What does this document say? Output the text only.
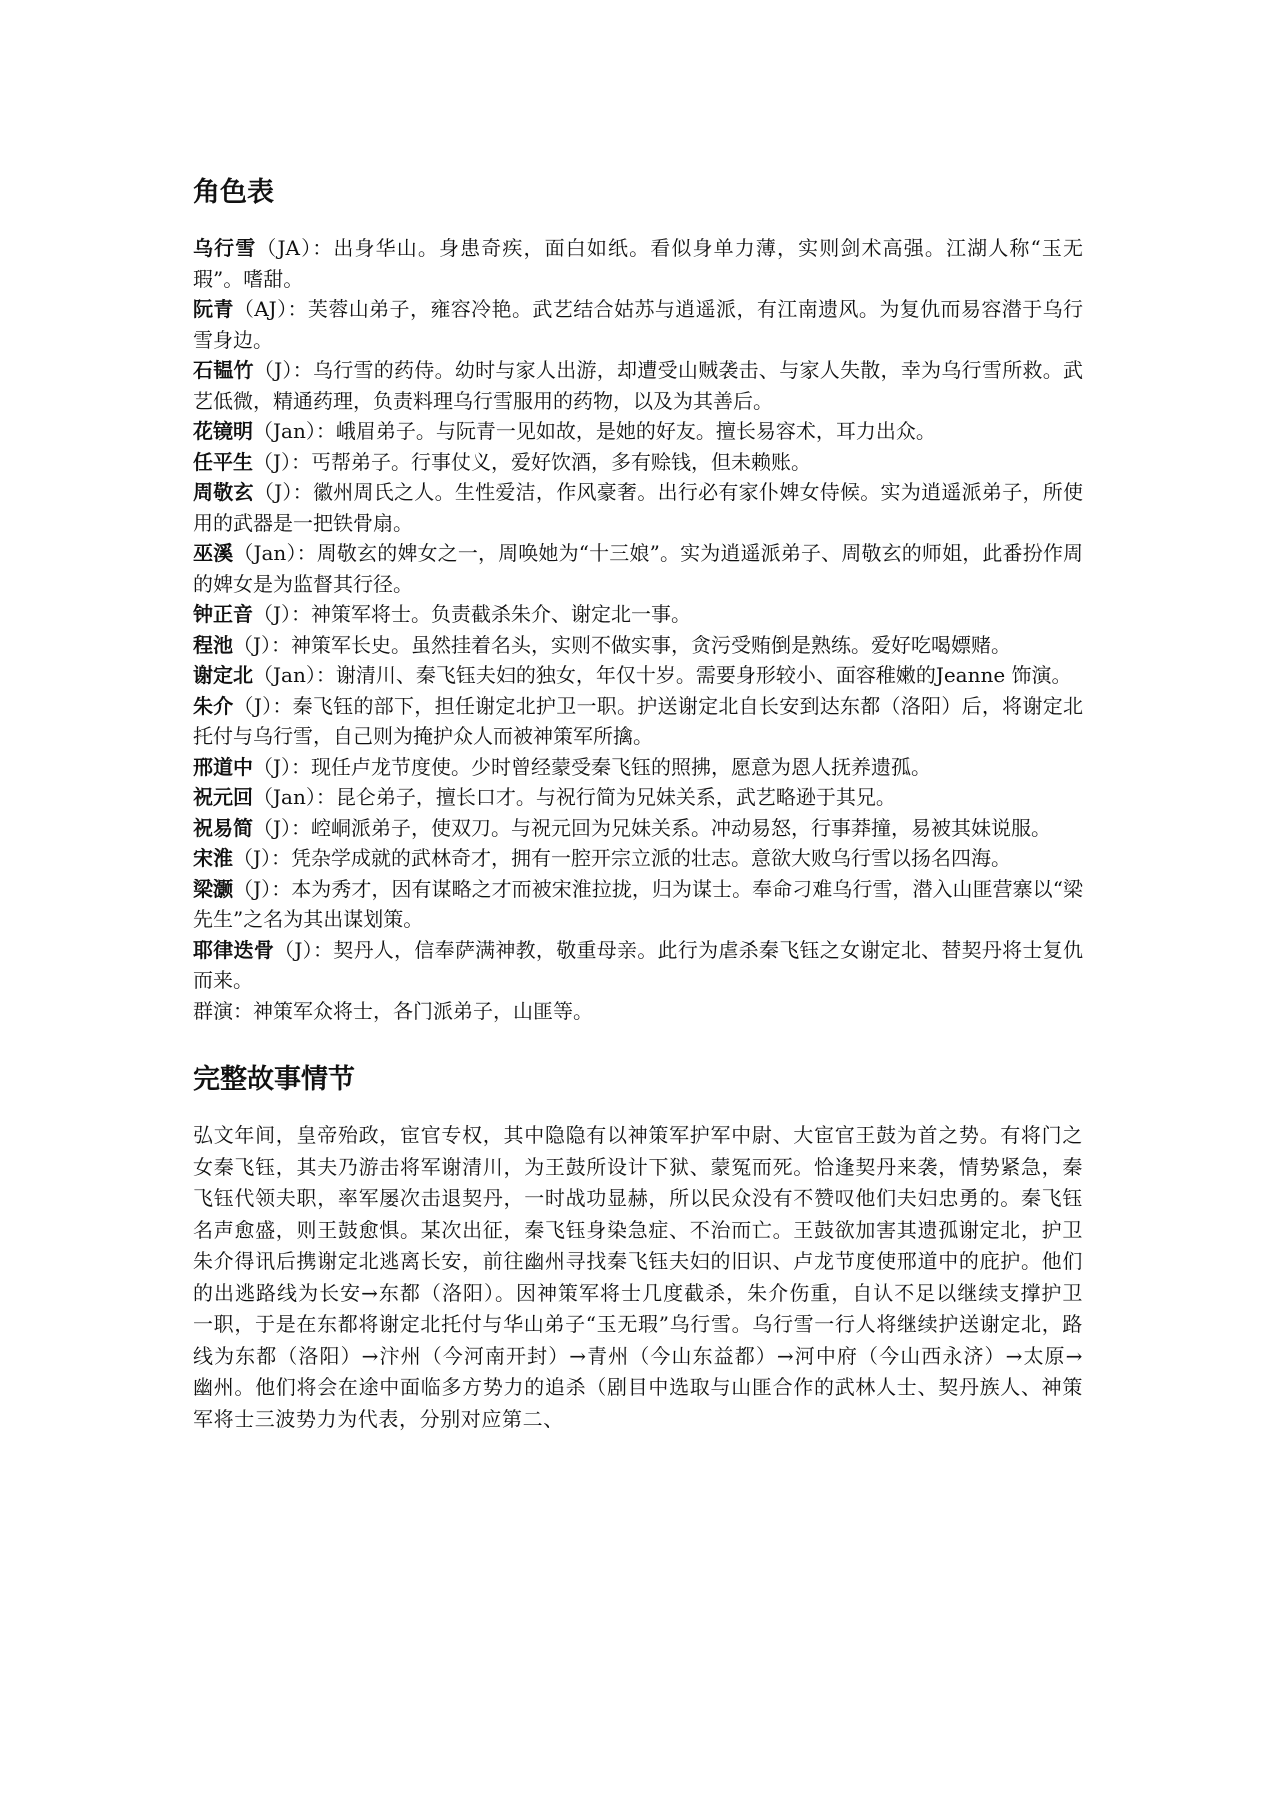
角色表

乌行雪（JA）：出身华山。身患奇疾，面白如纸。看似身单力薄，实则剑术高强。江湖人称“玉无瑕”。嗜甜。

阮青（AJ）：芙蓉山弟子，雍容冷艳。武艺结合姑苏与逍遥派，有江南遗风。为复仇而易容潜于乌行雪身边。

石韫竹（J）：乌行雪的药侍。幼时与家人出游，却遭受山贼袭击、与家人失散，幸为乌行雪所救。武艺低微，精通药理，负责料理乌行雪服用的药物，以及为其善后。

花镜明（Jan）：峨眉弟子。与阮青一见如故，是她的好友。擅长易容术，耳力出众。

任平生（J）：丐帮弟子。行事仗义，爱好饮酒，多有赊钱，但未赖账。

周敬玄（J）：徽州周氏之人。生性爱洁，作风豪奢。出行必有家仆婢女侍候。实为逍遥派弟子，所使用的武器是一把铁骨扇。

巫溪（Jan）：周敬玄的婢女之一，周唤她为“十三娘”。实为逍遥派弟子、周敬玄的师姐，此番扮作周的婢女是为监督其行径。

钟正音（J）：神策军将士。负责截杀朱介、谢定北一事。

程池（J）：神策军长史。虽然挂着名头，实则不做实事，贪污受贿倒是熟练。爱好吃喝嫖赌。

谢定北（Jan）：谢清川、秦飞钰夫妇的独女，年仅十岁。需要身形较小、面容稚嫩的Jeanne 饰演。

朱介（J）：秦飞钰的部下，担任谢定北护卫一职。护送谢定北自长安到达东都（洛阳）后，将谢定北托付与乌行雪，自己则为掩护众人而被神策军所擒。

邢道中（J）：现任卢龙节度使。少时曾经蒙受秦飞钰的照拂，愿意为恩人抚养遗孤。

祝元回（Jan）：昆仑弟子，擅长口才。与祝行简为兄妹关系，武艺略逊于其兄。

祝易简（J）：崆峒派弟子，使双刀。与祝元回为兄妹关系。冲动易怒，行事莽撞，易被其妹说服。

宋淮（J）：凭杂学成就的武林奇才，拥有一腔开宗立派的壮志。意欲大败乌行雪以扬名四海。

梁灏（J）：本为秀才，因有谋略之才而被宋淮拉拢，归为谋士。奉命刁难乌行雪，潜入山匪营寨以“梁先生”之名为其出谋划策。

耶律迭骨（J）：契丹人，信奉萨满神教，敬重母亲。此行为虐杀秦飞钰之女谢定北、替契丹将士复仇而来。

群演：神策军众将士，各门派弟子，山匪等。

完整故事情节

弘文年间，皇帝殆政，宦官专权，其中隐隐有以神策军护军中尉、大宦官王鼓为首之势。有将门之女秦飞钰，其夫乃游击将军谢清川，为王鼓所设计下狱、蒙冤而死。恰逢契丹来袭，情势紧急，秦飞钰代领夫职，率军屡次击退契丹，一时战功显赫，所以民众没有不赞叹他们夫妇忠勇的。秦飞钰名声愈盛，则王鼓愈惧。某次出征，秦飞钰身染急症、不治而亡。王鼓欲加害其遗孤谢定北，护卫朱介得讯后携谢定北逃离长安，前往幽州寻找秦飞钰夫妇的旧识、卢龙节度使邢道中的庇护。他们的出逃路线为长安→东都（洛阳）。因神策军将士几度截杀，朱介伤重，自认不足以继续支撑护卫一职，于是在东都将谢定北托付与华山弟子“玉无瑕”乌行雪。乌行雪一行人将继续护送谢定北，路线为东都（洛阳）→汴州（今河南开封）→青州（今山东益都）→河中府（今山西永济）→太原→幽州。他们将会在途中面临多方势力的追杀（剧目中选取与山匪合作的武林人士、契丹族人、神策军将士三波势力为代表，分别对应第二、
